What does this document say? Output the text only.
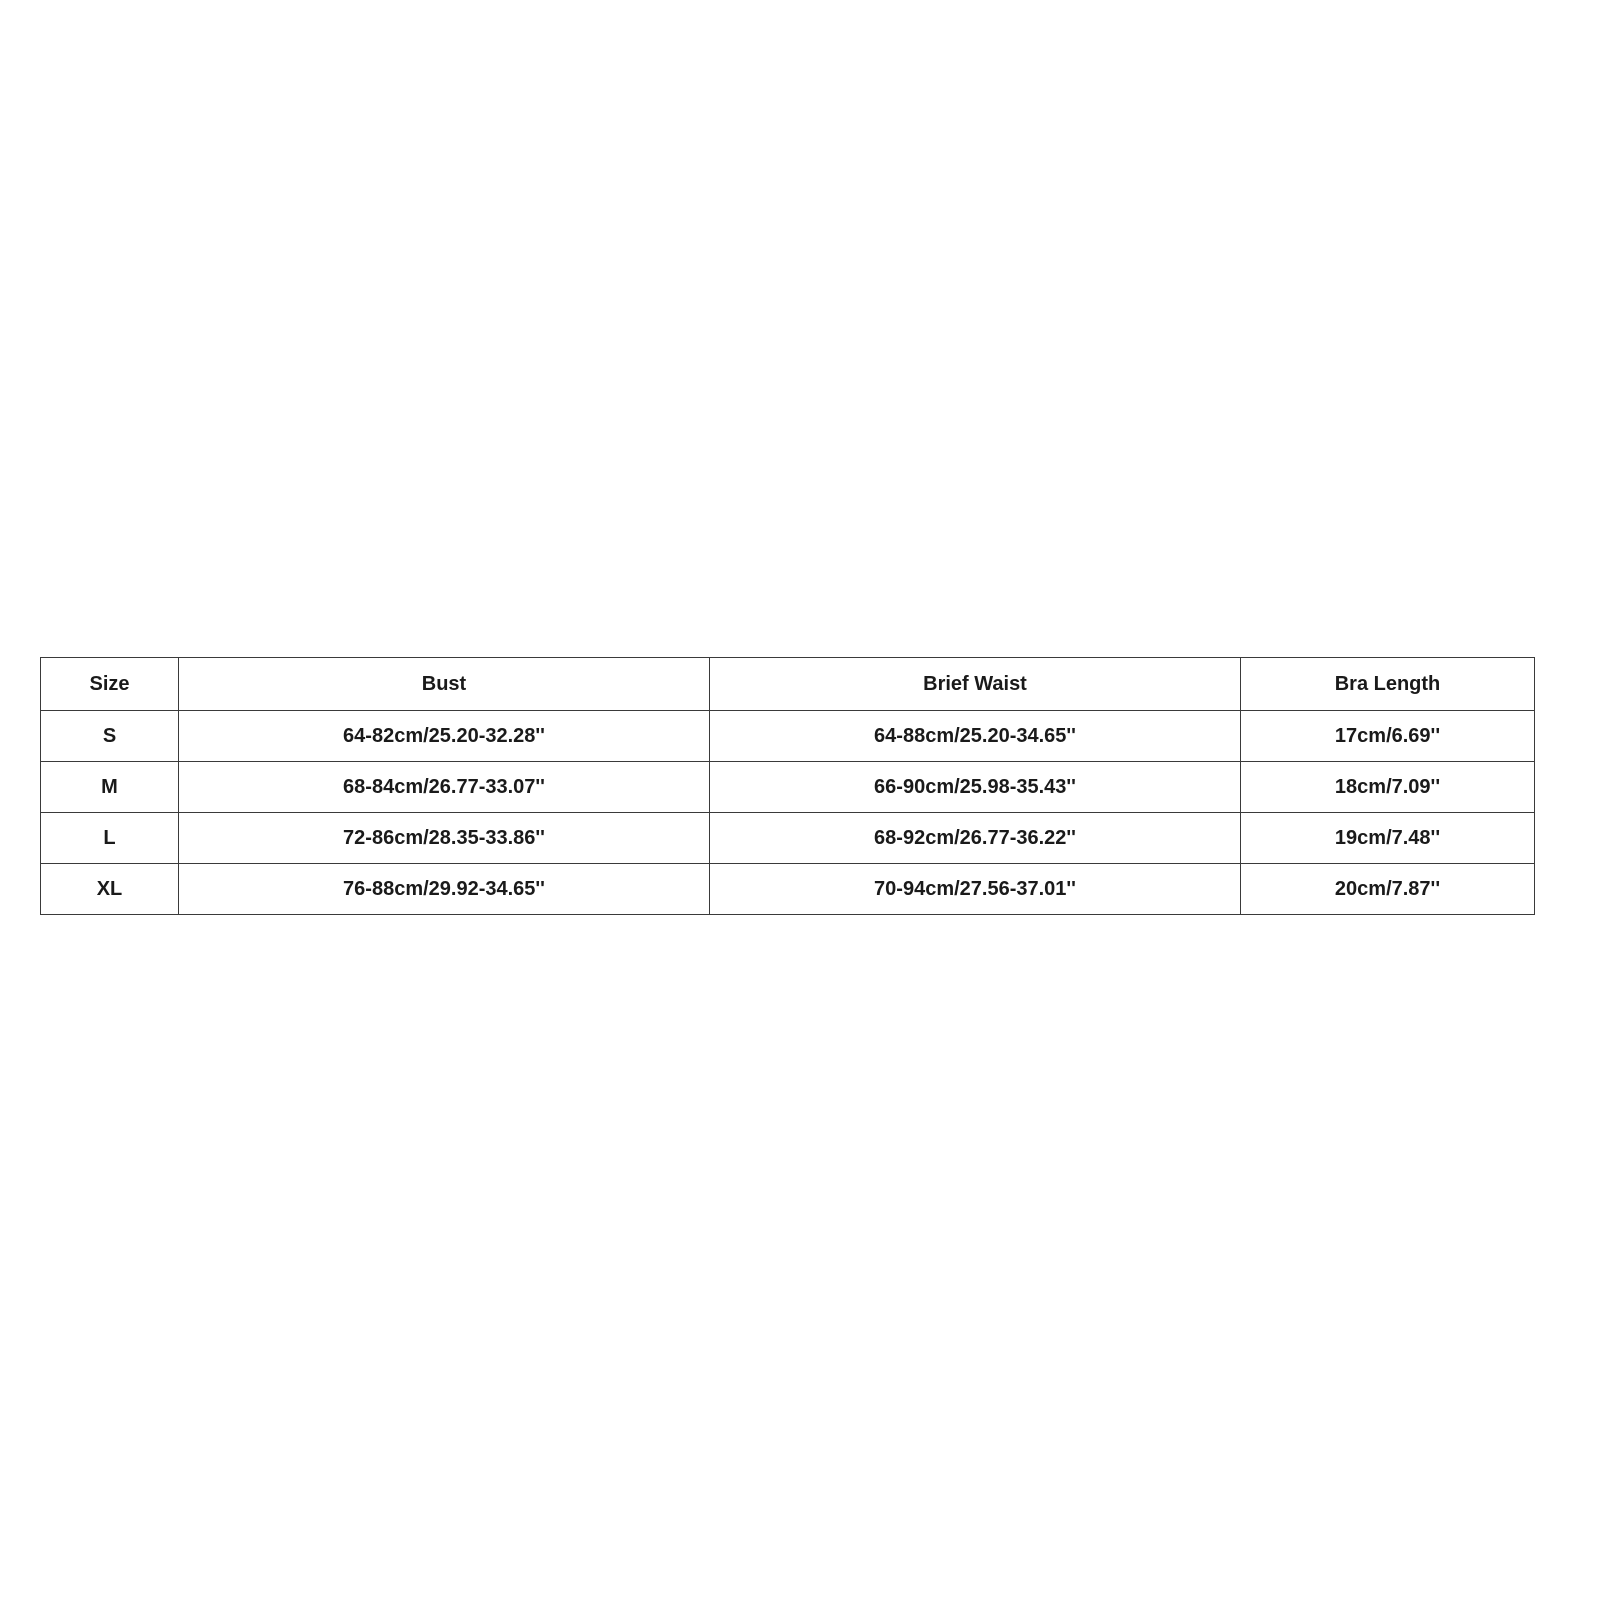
Size	Bust	Brief Waist	Bra Length
S	64-82cm/25.20-32.28''	64-88cm/25.20-34.65''	17cm/6.69''
M	68-84cm/26.77-33.07''	66-90cm/25.98-35.43''	18cm/7.09''
L	72-86cm/28.35-33.86''	68-92cm/26.77-36.22''	19cm/7.48''
XL	76-88cm/29.92-34.65''	70-94cm/27.56-37.01''	20cm/7.87''
